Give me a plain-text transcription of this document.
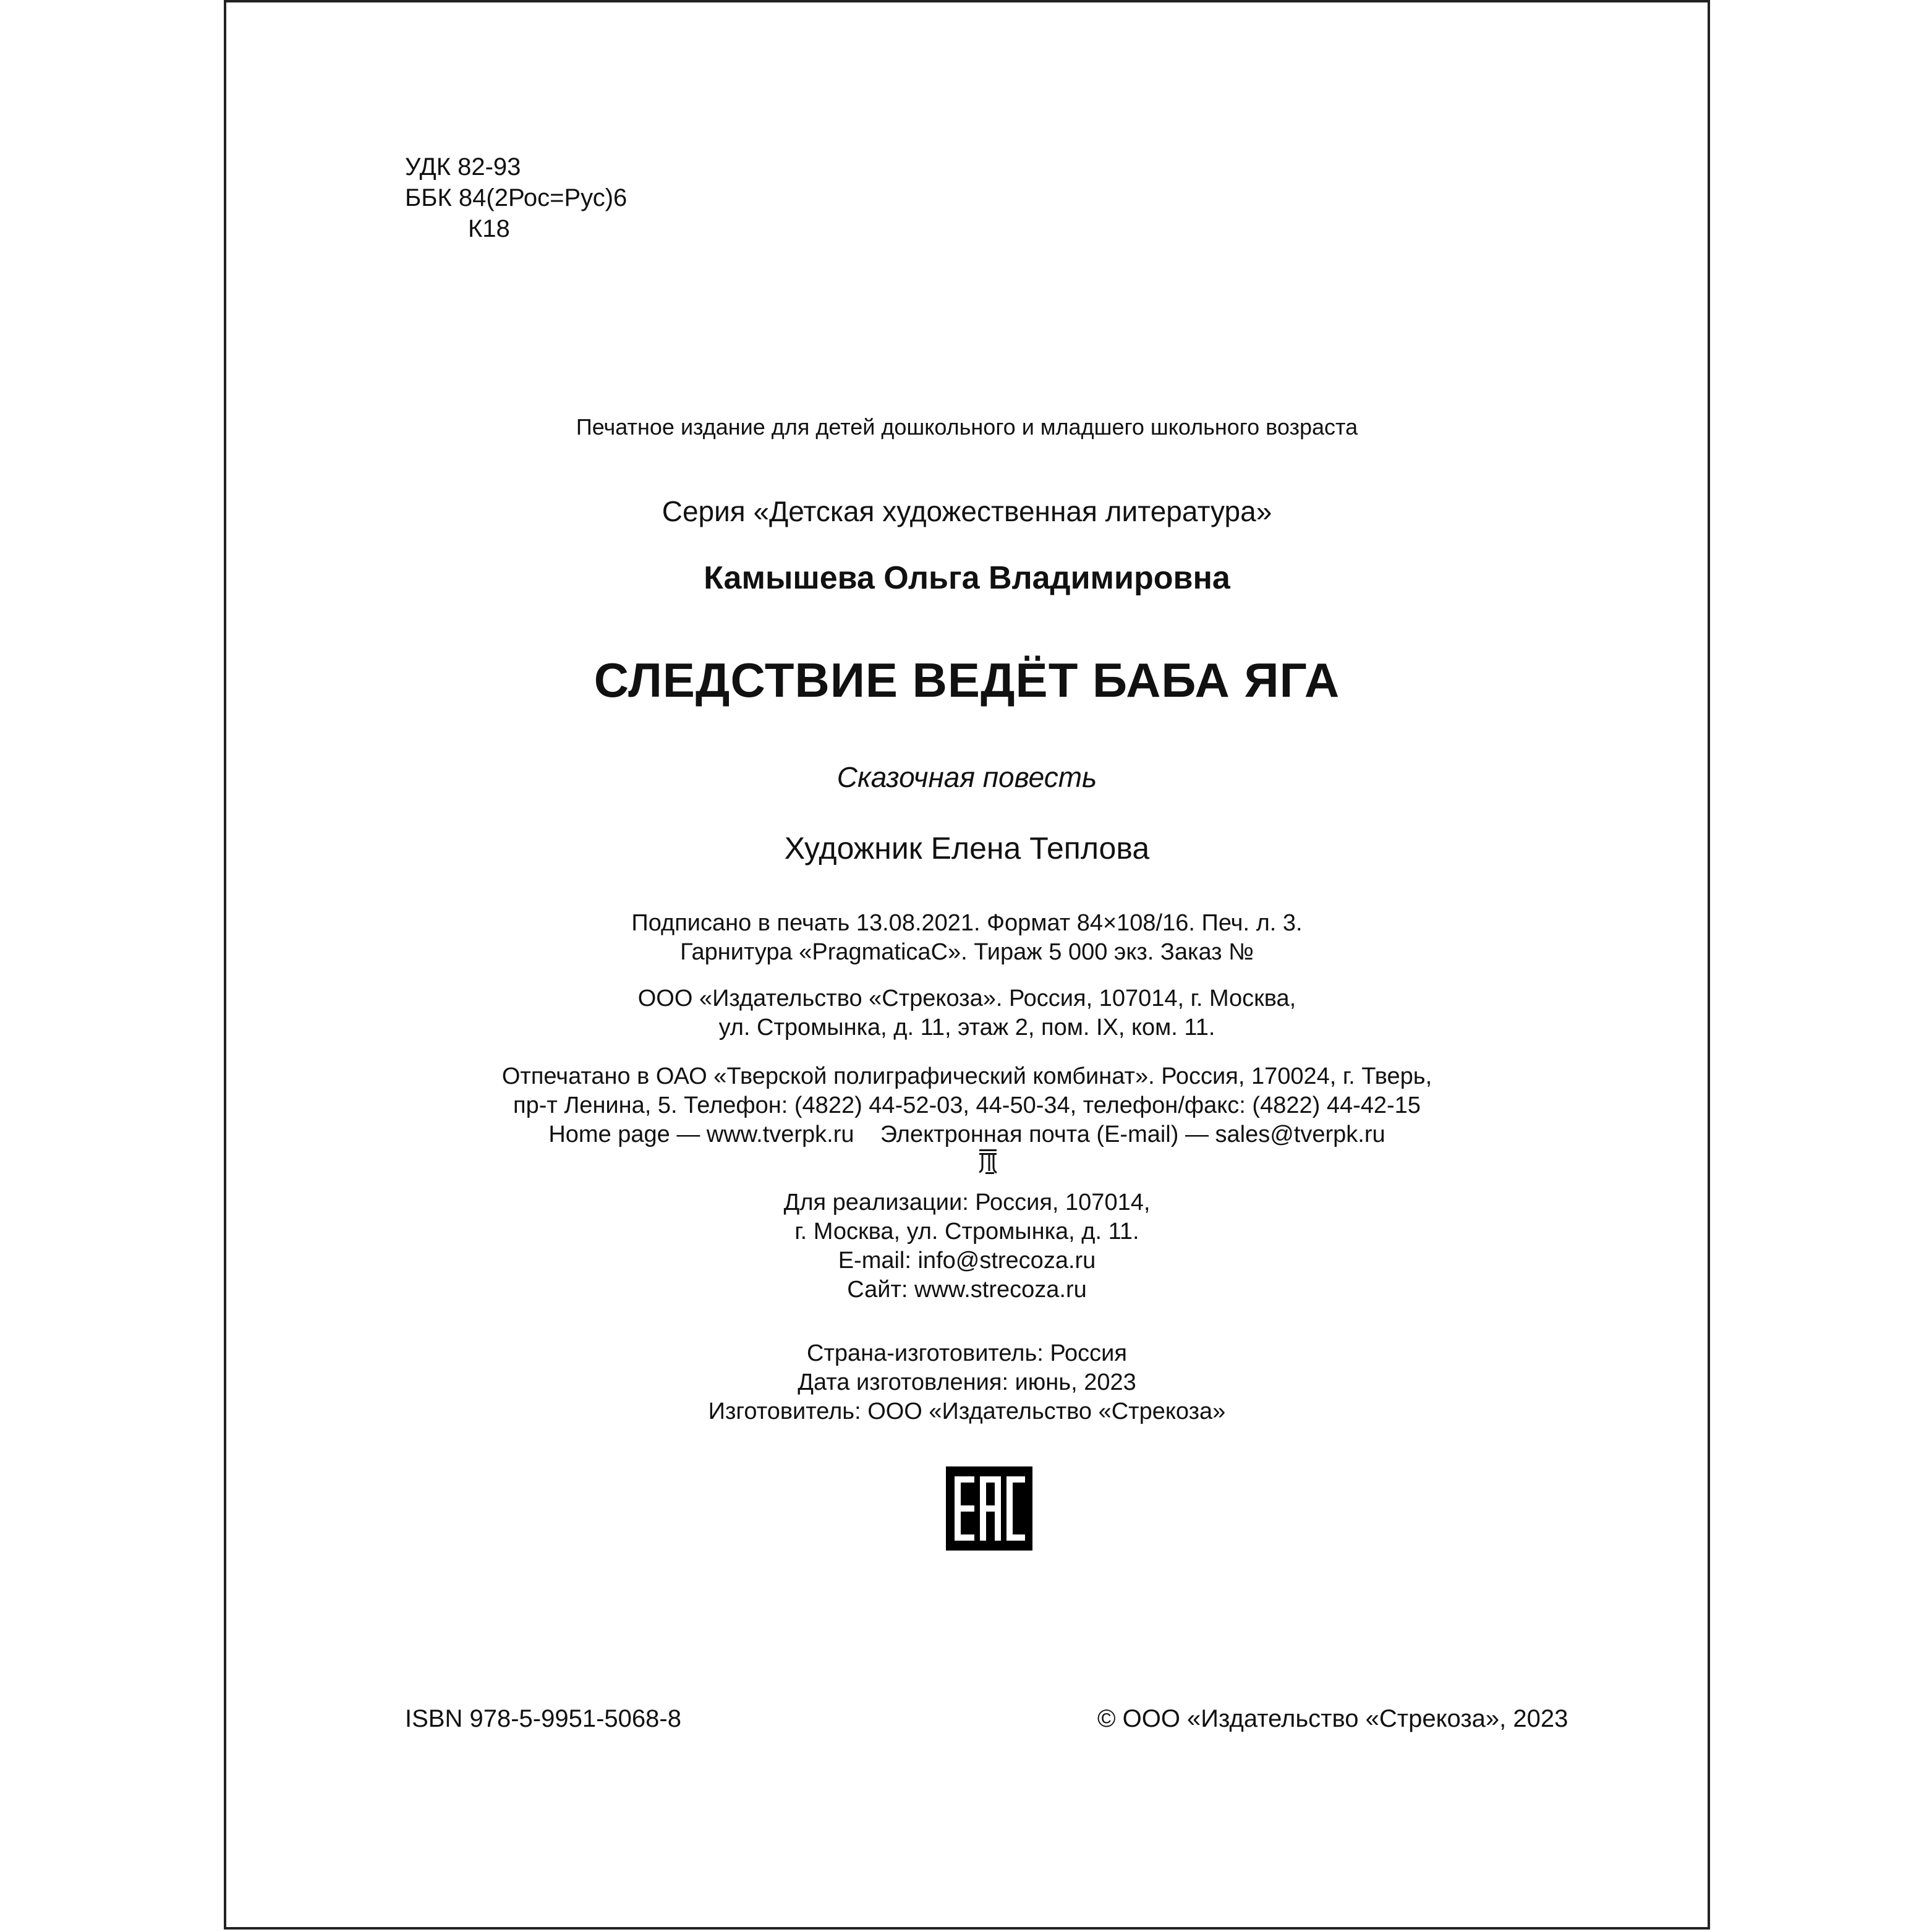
УДК 82-93
ББК 84(2Рос=Рус)6
К18
Печатное издание для детей дошкольного и младшего школьного возраста
Серия «Детская художественная литература»
Камышева Ольга Владимировна
СЛЕДСТВИЕ ВЕДЁТ БАБА ЯГА
Сказочная повесть
Художник Елена Теплова
Подписано в печать 13.08.2021. Формат 84×108/16. Печ. л. 3.
Гарнитура «PragmaticaC». Тираж 5 000 экз. Заказ №
ООО «Издательство «Стрекоза». Россия, 107014, г. Москва,
ул. Стромынка, д. 11, этаж 2, пом. IX, ком. 11.
Отпечатано в ОАО «Тверской полиграфический комбинат». Россия, 170024, г. Тверь,
пр-т Ленина, 5. Телефон: (4822) 44-52-03, 44-50-34, телефон/факс: (4822) 44-42-15
Home page — www.tverpk.ru    Электронная почта (E-mail) — sales@tverpk.ru
Для реализации: Россия, 107014,
г. Москва, ул. Стромынка, д. 11.
E-mail: info@strecoza.ru
Сайт: www.strecoza.ru
Страна-изготовитель: Россия
Дата изготовления: июнь, 2023
Изготовитель: ООО «Издательство «Стрекоза»
ISBN 978-5-9951-5068-8	© ООО «Издательство «Стрекоза», 2023
